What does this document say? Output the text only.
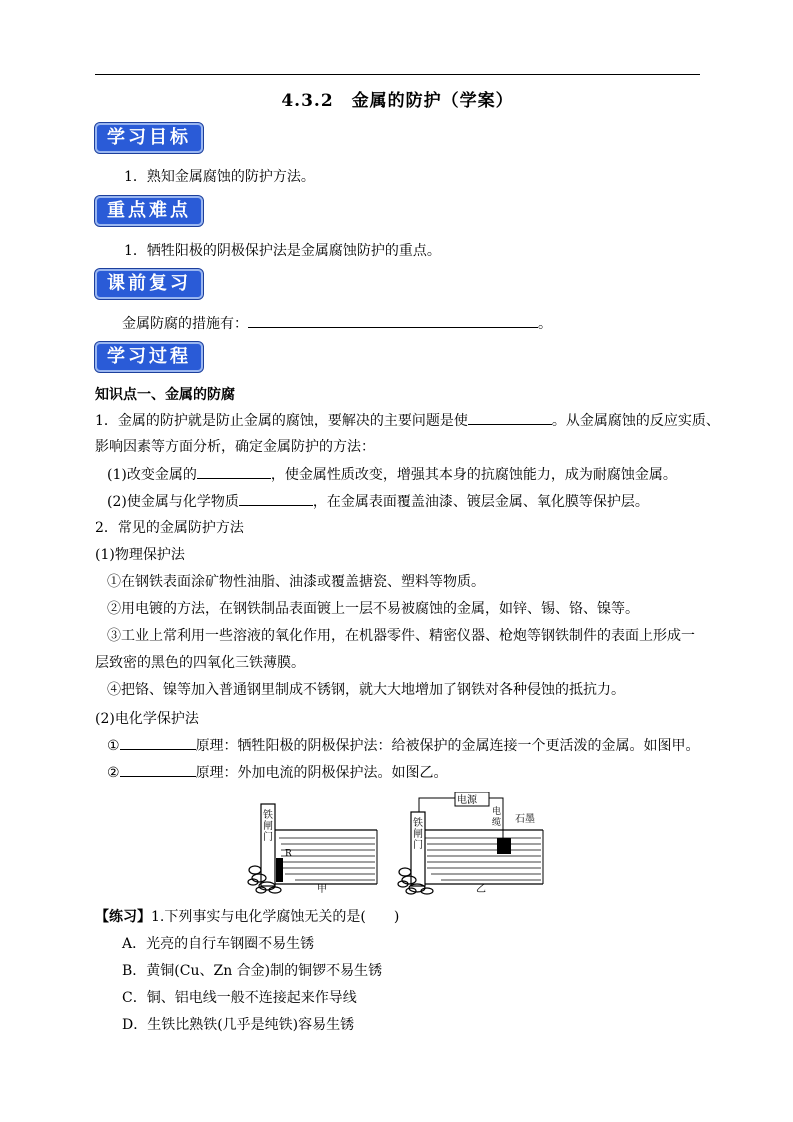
4.3.2　金属的防护（学案）
学习目标
1．熟知金属腐蚀的防护方法。
重点难点
1．牺牲阳极的阴极保护法是金属腐蚀防护的重点。
课前复习
金属防腐的措施有：	。
学习过程
知识点一、金属的防腐
1．金属的防护就是防止金属的腐蚀，要解决的主要问题是使	。从金属腐蚀的反应实质、
影响因素等方面分析，确定金属防护的方法：
(1)改变金属的	，使金属性质改变，增强其本身的抗腐蚀能力，成为耐腐蚀金属。
(2)使金属与化学物质	，在金属表面覆盖油漆、镀层金属、氧化膜等保护层。
2．常见的金属防护方法
(1)物理保护法
①在钢铁表面涂矿物性油脂、油漆或覆盖搪瓷、塑料等物质。
②用电镀的方法，在钢铁制品表面镀上一层不易被腐蚀的金属，如锌、锡、铬、镍等。
③工业上常利用一些溶液的氧化作用，在机器零件、精密仪器、枪炮等钢铁制件的表面上形成一
层致密的黑色的四氧化三铁薄膜。
④把铬、镍等加入普通钢里制成不锈钢，就大大地增加了钢铁对各种侵蚀的抵抗力。
(2)电化学保护法
①	原理：牺牲阳极的阴极保护法：给被保护的金属连接一个更活泼的金属。如图甲。
②	原理：外加电流的阴极保护法。如图乙。
铁闸门
R
甲
电源
铁闸门
电缆 石墨
乙
【练习】1.下列事实与电化学腐蚀无关的是(　　)
A．光亮的自行车钢圈不易生锈
B．黄铜(Cu、Zn 合金)制的铜锣不易生锈
C．铜、铝电线一般不连接起来作导线
D．生铁比熟铁(几乎是纯铁)容易生锈
